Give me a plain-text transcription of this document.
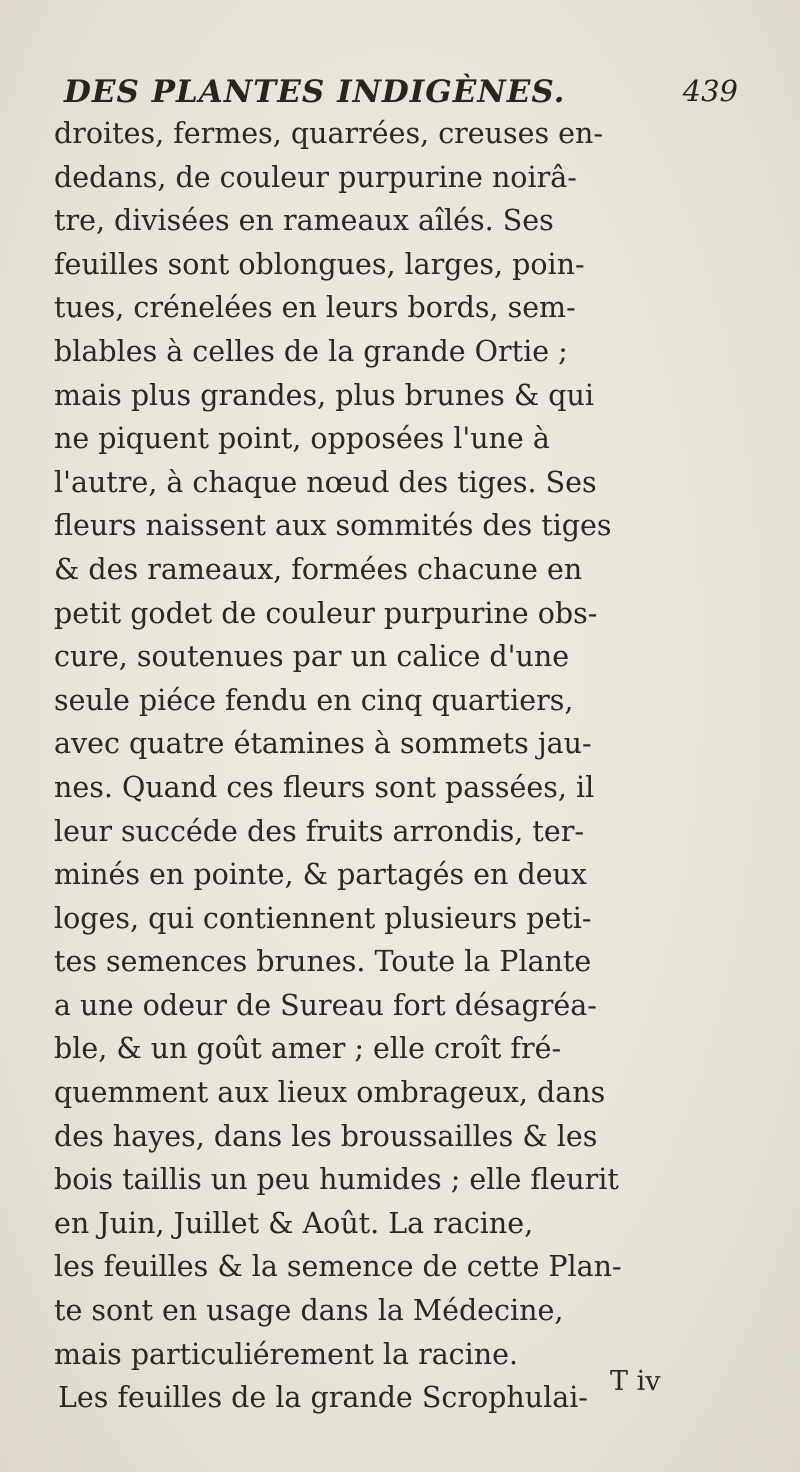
DES PLANTES INDIGÈNES.	439
droites, fermes, quarrées, creuses en-
dedans, de couleur purpurine noirâ-
tre, divisées en rameaux aîlés. Ses
feuilles sont oblongues, larges, poin-
tues, crénelées en leurs bords, sem-
blables à celles de la grande Ortie ;
mais plus grandes, plus brunes & qui
ne piquent point, opposées l'une à
l'autre, à chaque nœud des tiges. Ses
fleurs naissent aux sommités des tiges
& des rameaux, formées chacune en
petit godet de couleur purpurine obs-
cure, soutenues par un calice d'une
seule piéce fendu en cinq quartiers,
avec quatre étamines à sommets jau-
nes. Quand ces fleurs sont passées, il
leur succéde des fruits arrondis, ter-
minés en pointe, & partagés en deux
loges, qui contiennent plusieurs peti-
tes semences brunes. Toute la Plante
a une odeur de Sureau fort désagréa-
ble, & un goût amer ; elle croît fré-
quemment aux lieux ombrageux, dans
des hayes, dans les broussailles & les
bois taillis un peu humides ; elle fleurit
en Juin, Juillet & Août. La racine,
les feuilles & la semence de cette Plan-
te sont en usage dans la Médecine,
mais particuliérement la racine.
Les feuilles de la grande Scrophulai- T iv
